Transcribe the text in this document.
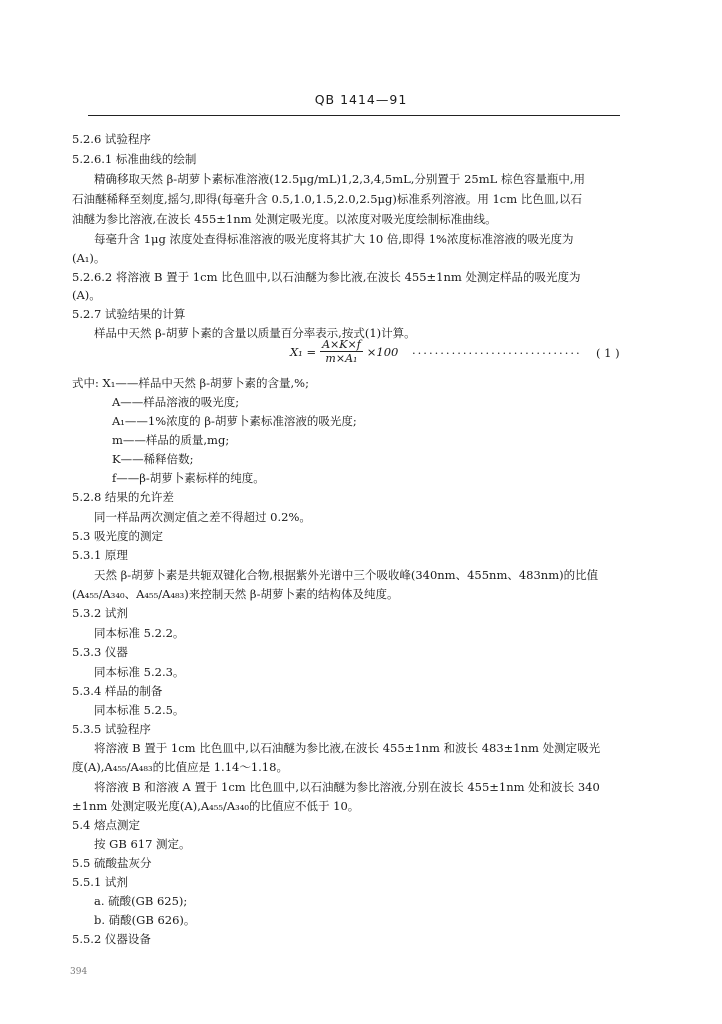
QB 1414—91
5.2.6 试验程序
5.2.6.1 标准曲线的绘制
精确移取天然 β-胡萝卜素标准溶液(12.5μg/mL)1,2,3,4,5mL,分别置于 25mL 棕色容量瓶中,用
石油醚稀释至刻度,摇匀,即得(每毫升含 0.5,1.0,1.5,2.0,2.5μg)标准系列溶液。用 1cm 比色皿,以石
油醚为参比溶液,在波长 455±1nm 处测定吸光度。以浓度对吸光度绘制标准曲线。
每毫升含 1μg 浓度处查得标准溶液的吸光度将其扩大 10 倍,即得 1%浓度标准溶液的吸光度为
(A₁)。
5.2.6.2 将溶液 B 置于 1cm 比色皿中,以石油醚为参比液,在波长 455±1nm 处测定样品的吸光度为
(A)。
5.2.7 试验结果的计算
样品中天然 β-胡萝卜素的含量以质量百分率表示,按式(1)计算。
$X_1 = \frac{A\times K\times f}{\text{m×A₁}} \times 100$ ······························ ( 1 )
式中: X₁——样品中天然 β-胡萝卜素的含量,%;
A——样品溶液的吸光度;
A₁——1%浓度的 β-胡萝卜素标准溶液的吸光度;
m——样品的质量,mg;
K——稀释倍数;
f——β-胡萝卜素标样的纯度。
5.2.8 结果的允许差
同一样品两次测定值之差不得超过 0.2%。
5.3 吸光度的测定
5.3.1 原理
天然 β-胡萝卜素是共轭双键化合物,根据紫外光谱中三个吸收峰(340nm、455nm、483nm)的比值
(A₄₅₅/A₃₄₀、A₄₅₅/A₄₈₃)来控制天然 β-胡萝卜素的结构体及纯度。
5.3.2 试剂
同本标准 5.2.2。
5.3.3 仪器
同本标准 5.2.3。
5.3.4 样品的制备
同本标准 5.2.5。
5.3.5 试验程序
将溶液 B 置于 1cm 比色皿中,以石油醚为参比液,在波长 455±1nm 和波长 483±1nm 处测定吸光
度(A),A₄₅₅/A₄₈₃的比值应是 1.14～1.18。
将溶液 B 和溶液 A 置于 1cm 比色皿中,以石油醚为参比溶液,分别在波长 455±1nm 处和波长 340
±1nm 处测定吸光度(A),A₄₅₅/A₃₄₀的比值应不低于 10。
5.4 熔点测定
按 GB 617 测定。
5.5 硫酸盐灰分
5.5.1 试剂
a. 硫酸(GB 625);
b. 硝酸(GB 626)。
5.5.2 仪器设备
394
